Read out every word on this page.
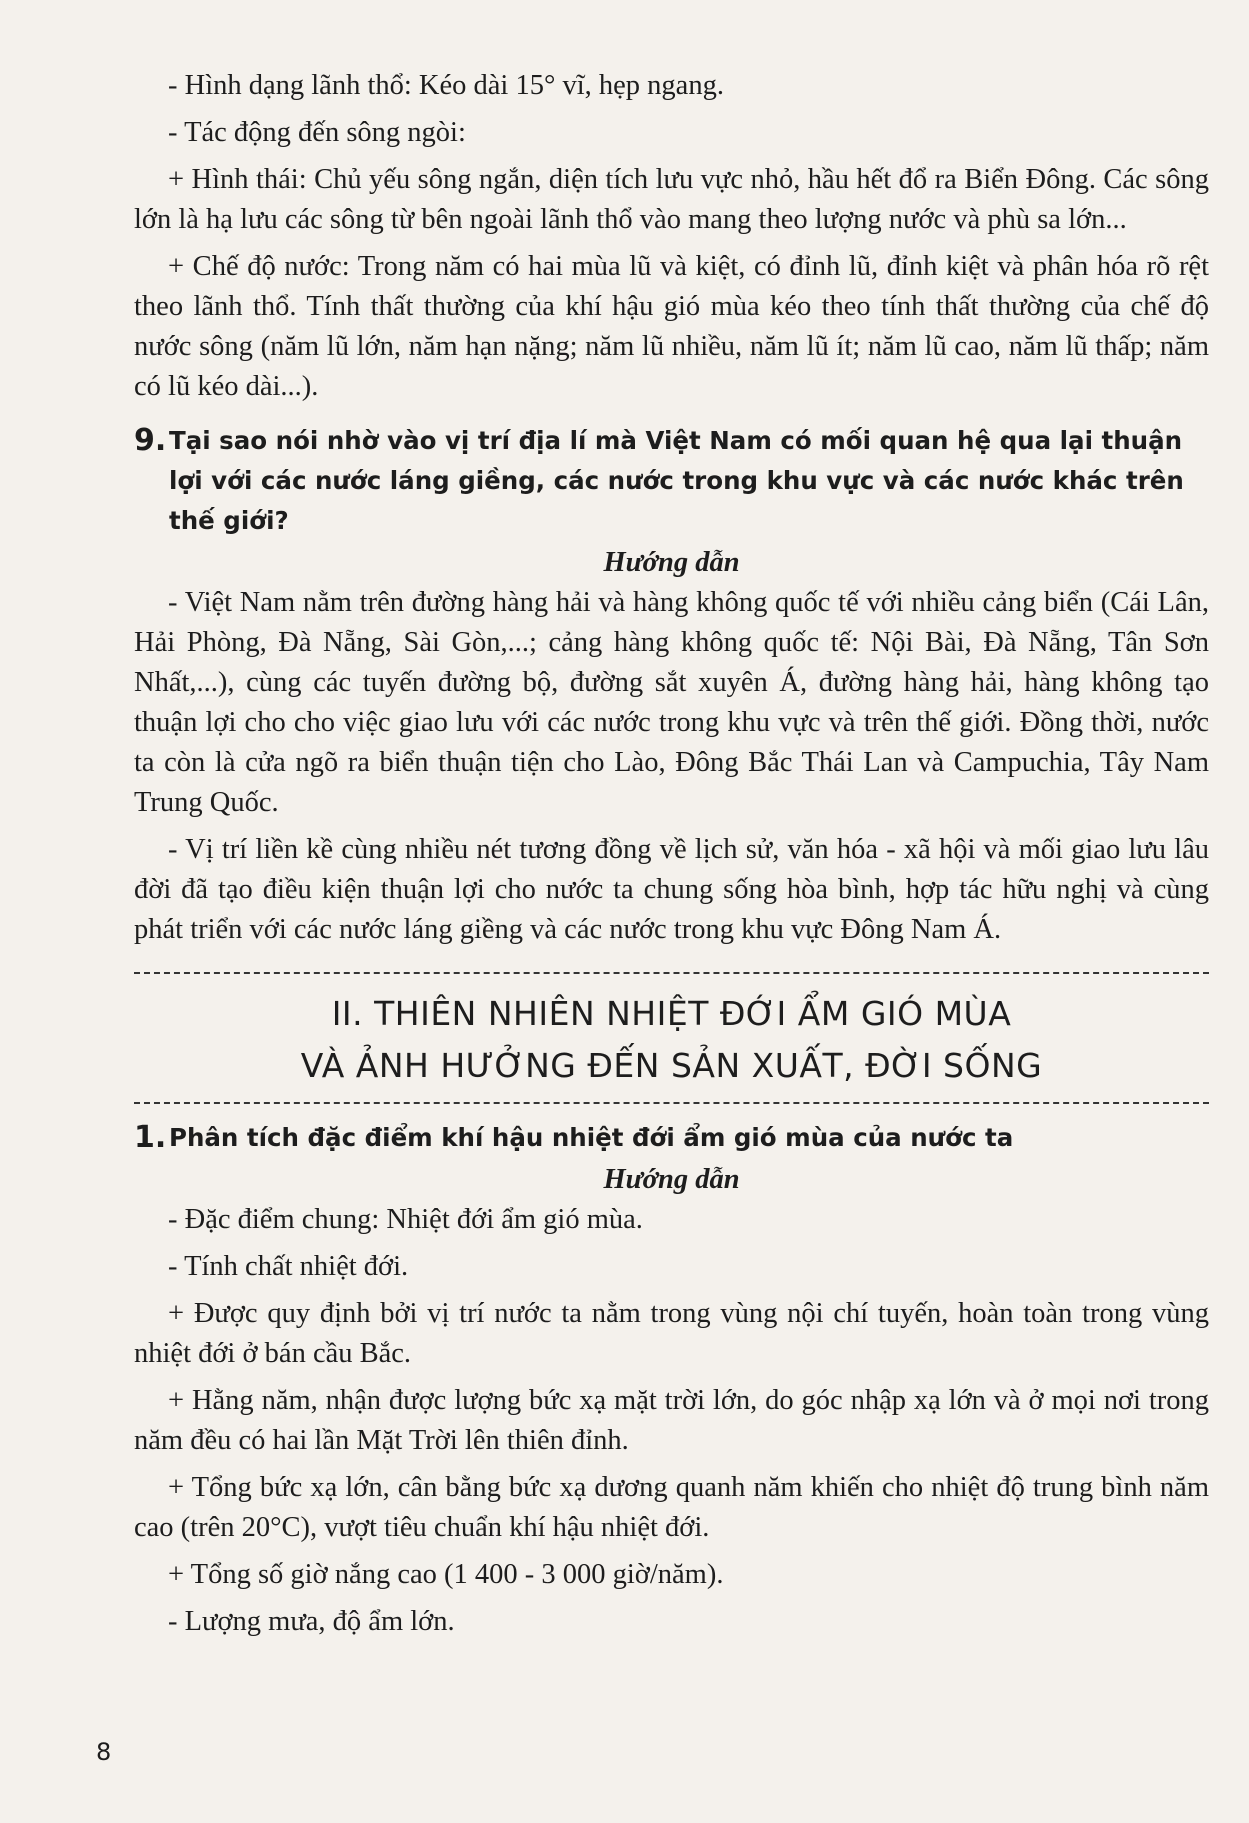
- Hình dạng lãnh thổ: Kéo dài 15° vĩ, hẹp ngang.

- Tác động đến sông ngòi:

+ Hình thái: Chủ yếu sông ngắn, diện tích lưu vực nhỏ, hầu hết đổ ra Biển Đông. Các sông lớn là hạ lưu các sông từ bên ngoài lãnh thổ vào mang theo lượng nước và phù sa lớn...

+ Chế độ nước: Trong năm có hai mùa lũ và kiệt, có đỉnh lũ, đỉnh kiệt và phân hóa rõ rệt theo lãnh thổ. Tính thất thường của khí hậu gió mùa kéo theo tính thất thường của chế độ nước sông (năm lũ lớn, năm hạn nặng; năm lũ nhiều, năm lũ ít; năm lũ cao, năm lũ thấp; năm có lũ kéo dài...).

9. Tại sao nói nhờ vào vị trí địa lí mà Việt Nam có mối quan hệ qua lại thuận lợi với các nước láng giềng, các nước trong khu vực và các nước khác trên thế giới?

Hướng dẫn

- Việt Nam nằm trên đường hàng hải và hàng không quốc tế với nhiều cảng biển (Cái Lân, Hải Phòng, Đà Nẵng, Sài Gòn,...; cảng hàng không quốc tế: Nội Bài, Đà Nẵng, Tân Sơn Nhất,...), cùng các tuyến đường bộ, đường sắt xuyên Á, đường hàng hải, hàng không tạo thuận lợi cho cho việc giao lưu với các nước trong khu vực và trên thế giới. Đồng thời, nước ta còn là cửa ngõ ra biển thuận tiện cho Lào, Đông Bắc Thái Lan và Campuchia, Tây Nam Trung Quốc.

- Vị trí liền kề cùng nhiều nét tương đồng về lịch sử, văn hóa - xã hội và mối giao lưu lâu đời đã tạo điều kiện thuận lợi cho nước ta chung sống hòa bình, hợp tác hữu nghị và cùng phát triển với các nước láng giềng và các nước trong khu vực Đông Nam Á.

II. THIÊN NHIÊN NHIỆT ĐỚI ẨM GIÓ MÙA
VÀ ẢNH HƯỞNG ĐẾN SẢN XUẤT, ĐỜI SỐNG
1. Phân tích đặc điểm khí hậu nhiệt đới ẩm gió mùa của nước ta

Hướng dẫn

- Đặc điểm chung: Nhiệt đới ẩm gió mùa.

- Tính chất nhiệt đới.

+ Được quy định bởi vị trí nước ta nằm trong vùng nội chí tuyến, hoàn toàn trong vùng nhiệt đới ở bán cầu Bắc.

+ Hằng năm, nhận được lượng bức xạ mặt trời lớn, do góc nhập xạ lớn và ở mọi nơi trong năm đều có hai lần Mặt Trời lên thiên đỉnh.

+ Tổng bức xạ lớn, cân bằng bức xạ dương quanh năm khiến cho nhiệt độ trung bình năm cao (trên 20°C), vượt tiêu chuẩn khí hậu nhiệt đới.

+ Tổng số giờ nắng cao (1 400 - 3 000 giờ/năm).

- Lượng mưa, độ ẩm lớn.

8
